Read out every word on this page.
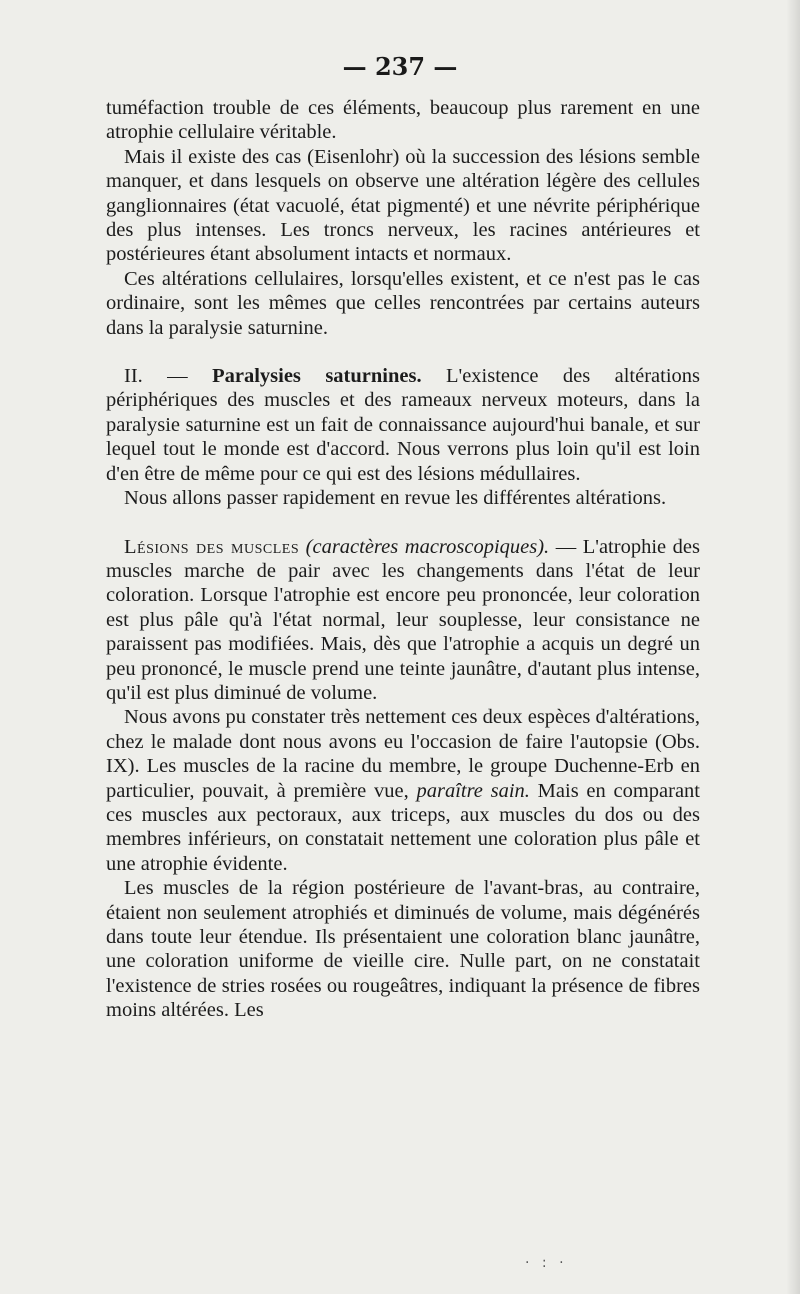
— 237 —

tuméfaction trouble de ces éléments, beaucoup plus rarement en une atrophie cellulaire véritable.

Mais il existe des cas (Eisenlohr) où la succession des lésions semble manquer, et dans lesquels on observe une altération légère des cellules ganglionnaires (état vacuolé, état pigmenté) et une névrite périphérique des plus intenses. Les troncs nerveux, les racines antérieures et postérieures étant absolument intacts et normaux.

Ces altérations cellulaires, lorsqu'elles existent, et ce n'est pas le cas ordinaire, sont les mêmes que celles rencontrées par certains auteurs dans la paralysie saturnine.

II. — Paralysies saturnines. L'existence des altérations périphériques des muscles et des rameaux nerveux moteurs, dans la paralysie saturnine est un fait de connaissance aujourd'hui banale, et sur lequel tout le monde est d'accord. Nous verrons plus loin qu'il est loin d'en être de même pour ce qui est des lésions médullaires.

Nous allons passer rapidement en revue les différentes altérations.

Lésions des muscles (caractères macroscopiques). — L'atrophie des muscles marche de pair avec les changements dans l'état de leur coloration. Lorsque l'atrophie est encore peu prononcée, leur coloration est plus pâle qu'à l'état normal, leur souplesse, leur consistance ne paraissent pas modifiées. Mais, dès que l'atrophie a acquis un degré un peu prononcé, le muscle prend une teinte jaunâtre, d'autant plus intense, qu'il est plus diminué de volume.

Nous avons pu constater très nettement ces deux espèces d'altérations, chez le malade dont nous avons eu l'occasion de faire l'autopsie (Obs. IX). Les muscles de la racine du membre, le groupe Duchenne-Erb en particulier, pouvait, à première vue, paraître sain. Mais en comparant ces muscles aux pectoraux, aux triceps, aux muscles du dos ou des membres inférieurs, on constatait nettement une coloration plus pâle et une atrophie évidente.

Les muscles de la région postérieure de l'avant-bras, au contraire, étaient non seulement atrophiés et diminués de volume, mais dégénérés dans toute leur étendue. Ils présentaient une coloration blanc jaunâtre, une coloration uniforme de vieille cire. Nulle part, on ne constatait l'existence de stries rosées ou rougeâtres, indiquant la présence de fibres moins altérées. Les

· : ·
